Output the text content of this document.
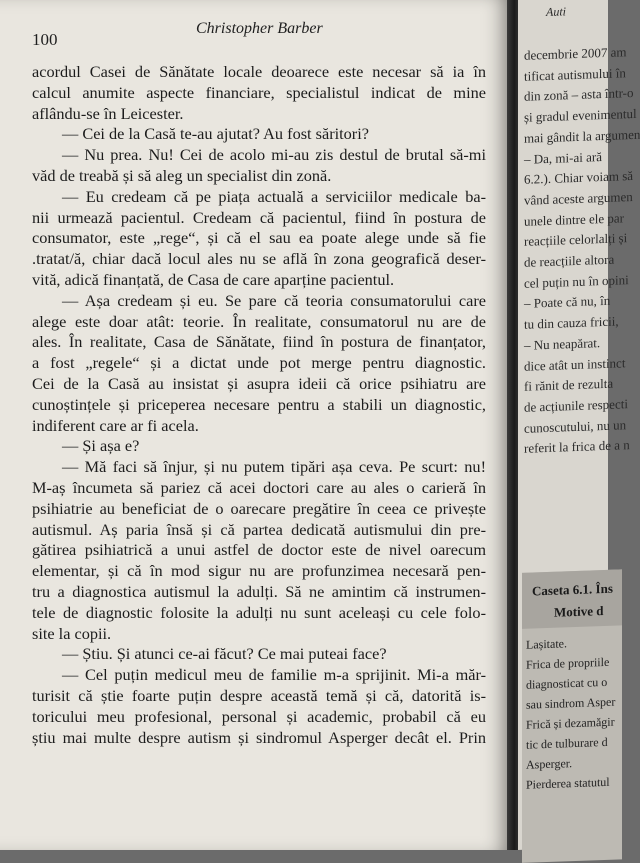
100
Christopher Barber
acordul Casei de Sănătate locale deoarece este necesar să ia în
calcul anumite aspecte financiare, specialistul indicat de mine
aflându-se în Leicester.
— Cei de la Casă te-au ajutat? Au fost săritori?
— Nu prea. Nu! Cei de acolo mi-au zis destul de brutal să-mi
văd de treabă și să aleg un specialist din zonă.
— Eu credeam că pe piața actuală a serviciilor medicale ba-
nii urmează pacientul. Credeam că pacientul, fiind în postura de
consumator, este „rege“, și că el sau ea poate alege unde să fie
.tratat/ă, chiar dacă locul ales nu se află în zona geografică deser-
vită, adică finanțată, de Casa de care aparține pacientul.
— Așa credeam și eu. Se pare că teoria consumatorului care
alege este doar atât: teorie. În realitate, consumatorul nu are de
ales. În realitate, Casa de Sănătate, fiind în postura de finanțator,
a fost „regele“ și a dictat unde pot merge pentru diagnostic.
Cei de la Casă au insistat și asupra ideii că orice psihiatru are
cunoștințele și priceperea necesare pentru a stabili un diagnostic,
indiferent care ar fi acela.
— Și așa e?
— Mă faci să înjur, și nu putem tipări așa ceva. Pe scurt: nu!
M-aș încumeta să pariez că acei doctori care au ales o carieră în
psihiatrie au beneficiat de o oarecare pregătire în ceea ce privește
autismul. Aș paria însă și că partea dedicată autismului din pre-
gătirea psihiatrică a unui astfel de doctor este de nivel oarecum
elementar, și că în mod sigur nu are profunzimea necesară pen-
tru a diagnostica autismul la adulți. Să ne amintim că instrumen-
tele de diagnostic folosite la adulți nu sunt aceleași cu cele folo-
site la copii.
— Știu. Și atunci ce-ai făcut? Ce mai puteai face?
— Cel puțin medicul meu de familie m-a sprijinit. Mi-a măr-
turisit că știe foarte puțin despre această temă și că, datorită is-
toricului meu profesional, personal și academic, probabil că eu
știu mai multe despre autism și sindromul Asperger decât el. Prin
Auti
decembrie 2007 am
tificat autismului în
din zonă – asta într-o
și gradul evenimentul
mai gândit la argumen
– Da, mi-ai ară
6.2.). Chiar voiam să
vând aceste argumen
unele dintre ele par
reacțiile celorlalți și
de reacțiile altora
cel puțin nu în opini
– Poate că nu, în
tu din cauza fricii,
– Nu neapărat.
dice atât un instinct
fi rănit de rezulta
de acțiunile respecti
cunoscutului, nu un
referit la frica de a n
Caseta 6.1. Îns
Motive d
Lașitate.
Frica de propriile
diagnosticat cu o
sau sindrom Asper
Frică și dezamăgir
tic de tulburare d
Asperger.
Pierderea statutul
